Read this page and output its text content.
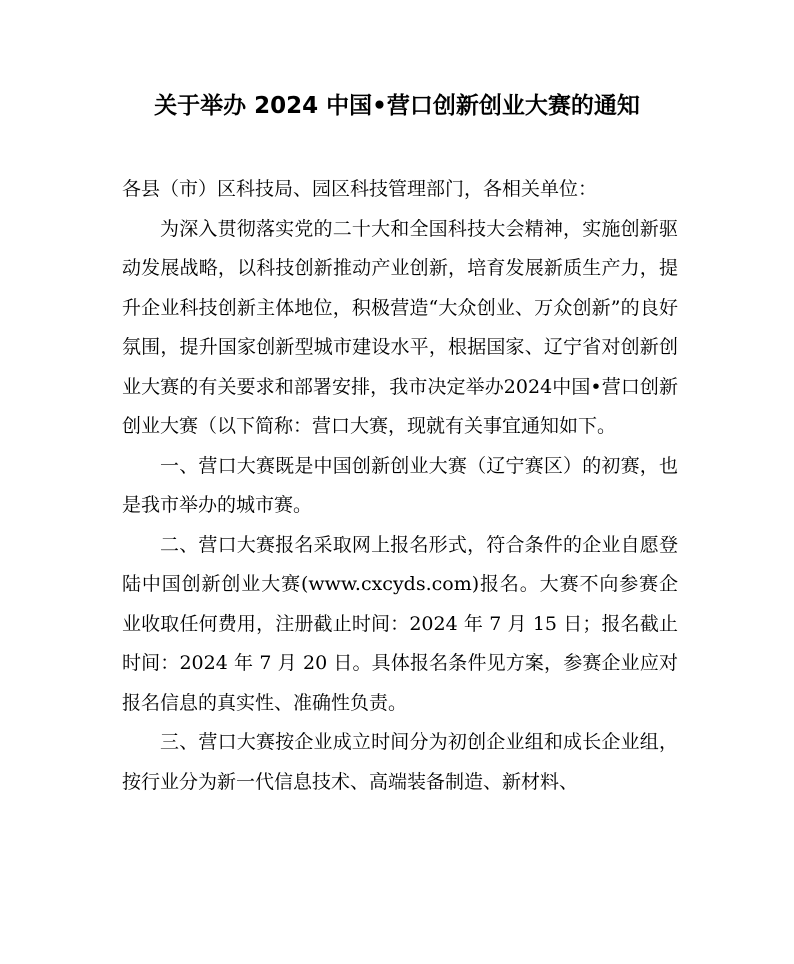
关于举办 2024 中国•营口创新创业大赛的通知

各县（市）区科技局、园区科技管理部门，各相关单位：

为深入贯彻落实党的二十大和全国科技大会精神，实施创新驱动发展战略，以科技创新推动产业创新，培育发展新质生产力，提升企业科技创新主体地位，积极营造“大众创业、万众创新”的良好氛围，提升国家创新型城市建设水平，根据国家、辽宁省对创新创业大赛的有关要求和部署安排，我市决定举办2024中国•营口创新创业大赛（以下简称：营口大赛，现就有关事宜通知如下。

一、营口大赛既是中国创新创业大赛（辽宁赛区）的初赛，也是我市举办的城市赛。

二、营口大赛报名采取网上报名形式，符合条件的企业自愿登陆中国创新创业大赛(www.cxcyds.com)报名。大赛不向参赛企业收取任何费用，注册截止时间：2024 年 7 月 15 日；报名截止时间：2024 年 7 月 20 日。具体报名条件见方案，参赛企业应对报名信息的真实性、准确性负责。

三、营口大赛按企业成立时间分为初创企业组和成长企业组，按行业分为新一代信息技术、高端装备制造、新材料、
